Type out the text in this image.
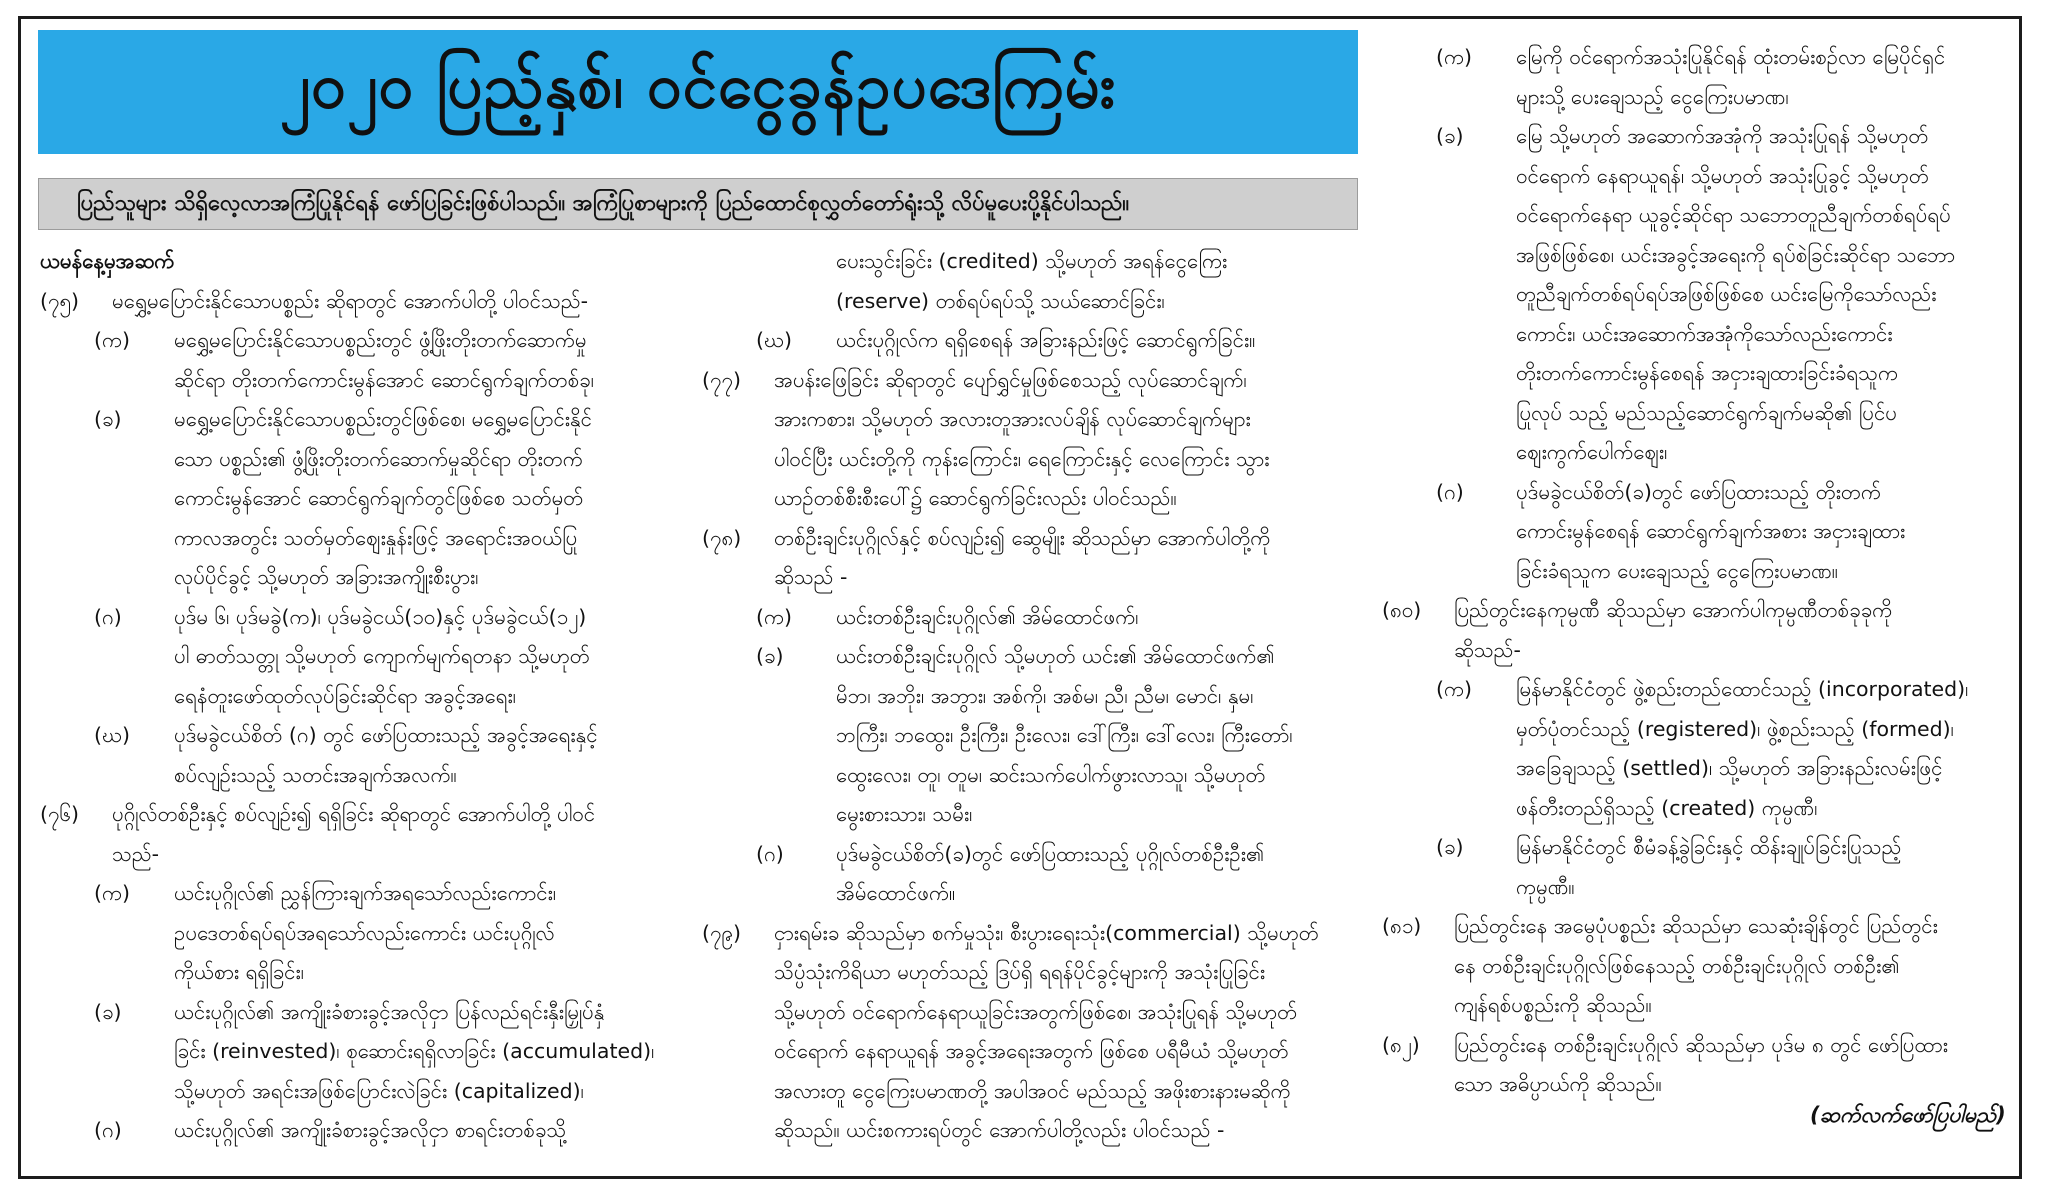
၂၀၂၀ ပြည့်နှစ်၊ ဝင်ငွေခွန်ဥပဒေကြမ်း
ပြည်သူများ သိရှိလေ့လာအကြံပြုနိုင်ရန် ဖော်ပြခြင်းဖြစ်ပါသည်။ အကြံပြုစာများကို ပြည်ထောင်စုလွှတ်တော်ရုံးသို့ လိပ်မူပေးပို့နိုင်ပါသည်။
ယမန်နေ့မှအဆက်
(၇၅) မရွှေ့မပြောင်းနိုင်သောပစ္စည်း ဆိုရာတွင် အောက်ပါတို့ ပါဝင်သည်-
(က) မရွှေ့မပြောင်းနိုင်သောပစ္စည်းတွင် ဖွံ့ဖြိုးတိုးတက်ဆောက်မှု
ဆိုင်ရာ တိုးတက်ကောင်းမွန်အောင် ဆောင်ရွက်ချက်တစ်ခု၊
(ခ)	မရွှေ့မပြောင်းနိုင်သောပစ္စည်းတွင်ဖြစ်စေ၊ မရွှေ့မပြောင်းနိုင်
သော ပစ္စည်း၏ ဖွံ့ဖြိုးတိုးတက်ဆောက်မှုဆိုင်ရာ တိုးတက်
ကောင်းမွန်အောင် ဆောင်ရွက်ချက်တွင်ဖြစ်စေ သတ်မှတ်
ကာလအတွင်း သတ်မှတ်ဈေးနှုန်းဖြင့် အရောင်းအဝယ်ပြု
လုပ်ပိုင်ခွင့် သို့မဟုတ် အခြားအကျိုးစီးပွား၊
(ဂ)	ပုဒ်မ ၆၊ ပုဒ်မခွဲ(က)၊ ပုဒ်မခွဲငယ်(၁၀)နှင့် ပုဒ်မခွဲငယ်(၁၂)
ပါ ဓာတ်သတ္တု သို့မဟုတ် ကျောက်မျက်ရတနာ သို့မဟုတ်
ရေနံတူးဖော်ထုတ်လုပ်ခြင်းဆိုင်ရာ အခွင့်အရေး၊
(ဃ) ပုဒ်မခွဲငယ်စိတ် (ဂ) တွင် ဖော်ပြထားသည့် အခွင့်အရေးနှင့်
စပ်လျဉ်းသည့် သတင်းအချက်အလက်။
(၇၆) ပုဂ္ဂိုလ်တစ်ဦးနှင့် စပ်လျဉ်း၍ ရရှိခြင်း ဆိုရာတွင် အောက်ပါတို့ ပါဝင်
သည်-
(က) ယင်းပုဂ္ဂိုလ်၏ ညွှန်ကြားချက်အရသော်လည်းကောင်း၊
ဥပဒေတစ်ရပ်ရပ်အရသော်လည်းကောင်း ယင်းပုဂ္ဂိုလ်
ကိုယ်စား ရရှိခြင်း၊
(ခ)	ယင်းပုဂ္ဂိုလ်၏ အကျိုးခံစားခွင့်အလိုငှာ ပြန်လည်ရင်းနှီးမြှုပ်နှံ
ခြင်း (reinvested)၊ စုဆောင်းရရှိလာခြင်း (accumulated)၊
သို့မဟုတ် အရင်းအဖြစ်ပြောင်းလဲခြင်း (capitalized)၊
(ဂ)	ယင်းပုဂ္ဂိုလ်၏ အကျိုးခံစားခွင့်အလိုငှာ စာရင်းတစ်ခုသို့
ပေးသွင်းခြင်း (credited) သို့မဟုတ် အရန်ငွေကြေး
(reserve) တစ်ရပ်ရပ်သို့ သယ်ဆောင်ခြင်း၊
(ဃ) ယင်းပုဂ္ဂိုလ်က ရရှိစေရန် အခြားနည်းဖြင့် ဆောင်ရွက်ခြင်း။
(၇၇) အပန်းဖြေခြင်း ဆိုရာတွင် ပျော်ရွှင်မှုဖြစ်စေသည့် လုပ်ဆောင်ချက်၊
အားကစား၊ သို့မဟုတ် အလားတူအားလပ်ချိန် လုပ်ဆောင်ချက်များ
ပါဝင်ပြီး ယင်းတို့ကို ကုန်းကြောင်း၊ ရေကြောင်းနှင့် လေကြောင်း သွား
ယာဉ်တစ်စီးစီးပေါ်၌ ဆောင်ရွက်ခြင်းလည်း ပါဝင်သည်။
(၇၈) တစ်ဦးချင်းပုဂ္ဂိုလ်နှင့် စပ်လျဉ်း၍ ဆွေမျိုး ဆိုသည်မှာ အောက်ပါတို့ကို
ဆိုသည် -
(က) ယင်းတစ်ဦးချင်းပုဂ္ဂိုလ်၏ အိမ်ထောင်ဖက်၊
(ခ)	ယင်းတစ်ဦးချင်းပုဂ္ဂိုလ် သို့မဟုတ် ယင်း၏ အိမ်ထောင်ဖက်၏
မိဘ၊ အဘိုး၊ အဘွား၊ အစ်ကို၊ အစ်မ၊ ညီ၊ ညီမ၊ မောင်၊ နှမ၊
ဘကြီး၊ ဘထွေး၊ ဦးကြီး၊ ဦးလေး၊ ဒေါ်ကြီး၊ ဒေါ်လေး၊ ကြီးတော်၊
ထွေးလေး၊ တူ၊ တူမ၊ ဆင်းသက်ပေါက်ဖွားလာသူ၊ သို့မဟုတ်
မွေးစားသား၊ သမီး၊
(ဂ)	ပုဒ်မခွဲငယ်စိတ်(ခ)တွင် ဖော်ပြထားသည့် ပုဂ္ဂိုလ်တစ်ဦးဦး၏
အိမ်ထောင်ဖက်။
(၇၉) ငှားရမ်းခ ဆိုသည်မှာ စက်မှုသုံး၊ စီးပွားရေးသုံး(commercial) သို့မဟုတ်
သိပ္ပံသုံးကိရိယာ မဟုတ်သည့် ဒြပ်ရှိ ရရန်ပိုင်ခွင့်များကို အသုံးပြုခြင်း
သို့မဟုတ် ဝင်ရောက်နေရာယူခြင်းအတွက်ဖြစ်စေ၊ အသုံးပြုရန် သို့မဟုတ်
ဝင်ရောက် နေရာယူရန် အခွင့်အရေးအတွက် ဖြစ်စေ ပရီမီယံ သို့မဟုတ်
အလားတူ ငွေကြေးပမာဏတို့ အပါအဝင် မည်သည့် အဖိုးစားနားမဆိုကို
ဆိုသည်။ ယင်းစကားရပ်တွင် အောက်ပါတို့လည်း ပါဝင်သည် -
(က) မြေကို ဝင်ရောက်အသုံးပြုနိုင်ရန် ထုံးတမ်းစဉ်လာ မြေပိုင်ရှင်
များသို့ ပေးချေသည့် ငွေကြေးပမာဏ၊
(ခ)	မြေ သို့မဟုတ် အဆောက်အအုံကို အသုံးပြုရန် သို့မဟုတ်
ဝင်ရောက် နေရာယူရန်၊ သို့မဟုတ် အသုံးပြုခွင့် သို့မဟုတ်
ဝင်ရောက်နေရာ ယူခွင့်ဆိုင်ရာ သဘောတူညီချက်တစ်ရပ်ရပ်
အဖြစ်ဖြစ်စေ၊ ယင်းအခွင့်အရေးကို ရပ်စဲခြင်းဆိုင်ရာ သဘော
တူညီချက်တစ်ရပ်ရပ်အဖြစ်ဖြစ်စေ ယင်းမြေကိုသော်လည်း
ကောင်း၊ ယင်းအဆောက်အအုံကိုသော်လည်းကောင်း
တိုးတက်ကောင်းမွန်စေရန် အငှားချထားခြင်းခံရသူက
ပြုလုပ် သည့် မည်သည့်ဆောင်ရွက်ချက်မဆို၏ ပြင်ပ
ဈေးကွက်ပေါက်ဈေး၊
(ဂ)	ပုဒ်မခွဲငယ်စိတ်(ခ)တွင် ဖော်ပြထားသည့် တိုးတက်
ကောင်းမွန်စေရန် ဆောင်ရွက်ချက်အစား အငှားချထား
ခြင်းခံရသူက ပေးချေသည့် ငွေကြေးပမာဏ။
(၈၀) ပြည်တွင်းနေကုမ္ပဏီ ဆိုသည်မှာ အောက်ပါကုမ္ပဏီတစ်ခုခုကို
ဆိုသည်-
(က) မြန်မာနိုင်ငံတွင် ဖွဲ့စည်းတည်ထောင်သည့် (incorporated)၊
မှတ်ပုံတင်သည့် (registered)၊ ဖွဲ့စည်းသည့် (formed)၊
အခြေချသည့် (settled)၊ သို့မဟုတ် အခြားနည်းလမ်းဖြင့်
ဖန်တီးတည်ရှိသည့် (created) ကုမ္ပဏီ၊
(ခ)	မြန်မာနိုင်ငံတွင် စီမံခန့်ခွဲခြင်းနှင့် ထိန်းချုပ်ခြင်းပြုသည့်
ကုမ္ပဏီ။
(၈၁) ပြည်တွင်းနေ အမွေပုံပစ္စည်း ဆိုသည်မှာ သေဆုံးချိန်တွင် ပြည်တွင်း
နေ တစ်ဦးချင်းပုဂ္ဂိုလ်ဖြစ်နေသည့် တစ်ဦးချင်းပုဂ္ဂိုလ် တစ်ဦး၏
ကျန်ရစ်ပစ္စည်းကို ဆိုသည်။
(၈၂) ပြည်တွင်းနေ တစ်ဦးချင်းပုဂ္ဂိုလ် ဆိုသည်မှာ ပုဒ်မ ၈ တွင် ဖော်ပြထား
သော အဓိပ္ပာယ်ကို ဆိုသည်။
(ဆက်လက်ဖော်ပြပါမည်)
